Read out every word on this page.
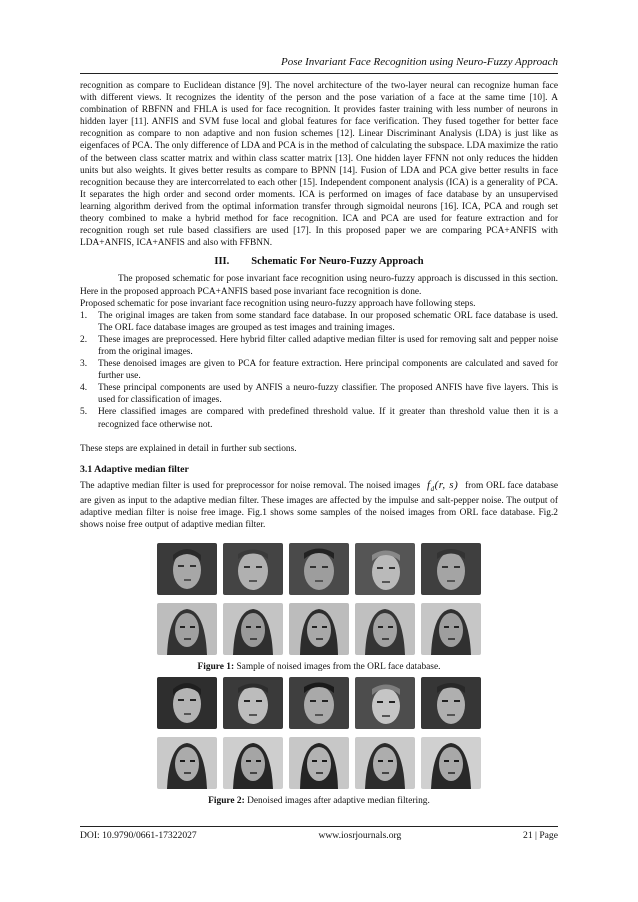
Pose Invariant Face Recognition using Neuro-Fuzzy Approach

recognition as compare to Euclidean distance [9]. The novel architecture of the two-layer neural can recognize human face with different views. It recognizes the identity of the person and the pose variation of a face at the same time [10]. A combination of RBFNN and FHLA is used for face recognition. It provides faster training with less number of neurons in hidden layer [11]. ANFIS and SVM fuse local and global features for face verification. They fused together for better face recognition as compare to non adaptive and non fusion schemes [12]. Linear Discriminant Analysis (LDA) is just like as eigenfaces of PCA. The only difference of LDA and PCA is in the method of calculating the subspace. LDA maximize the ratio of the between class scatter matrix and within class scatter matrix [13]. One hidden layer FFNN not only reduces the hidden units but also weights. It gives better results as compare to BPNN [14]. Fusion of LDA and PCA give better results in face recognition because they are intercorrelated to each other [15]. Independent component analysis (ICA) is a generality of PCA. It separates the high order and second order moments. ICA is performed on images of face database by an unsupervised learning algorithm derived from the optimal information transfer through sigmoidal neurons [16]. ICA, PCA and rough set theory combined to make a hybrid method for face recognition. ICA and PCA are used for feature extraction and for recognition rough set rule based classifiers are used [17]. In this proposed paper we are comparing PCA+ANFIS with LDA+ANFIS, ICA+ANFIS and also with FFBNN.

III. Schematic For Neuro-Fuzzy Approach

The proposed schematic for pose invariant face recognition using neuro-fuzzy approach is discussed in this section. Here in the proposed approach PCA+ANFIS based pose invariant face recognition is done.

Proposed schematic for pose invariant face recognition using neuro-fuzzy approach have following steps.

1.	The original images are taken from some standard face database. In our proposed schematic ORL face database is used. The ORL face database images are grouped as test images and training images.
2.	These images are preprocessed. Here hybrid filter called adaptive median filter is used for removing salt and pepper noise from the original images.
3.	These denoised images are given to PCA for feature extraction. Here principal components are calculated and saved for further use.
4.	These principal components are used by ANFIS a neuro-fuzzy classifier. The proposed ANFIS have five layers. This is used for classification of images.
5.	Here classified images are compared with predefined threshold value. If it greater than threshold value then it is a recognized face otherwise not.

These steps are explained in detail in further sub sections.

3.1 Adaptive median filter

The adaptive median filter is used for preprocessor for noise removal. The noised images $f_d(r$, s) from ORL face database are given as input to the adaptive median filter. These images are affected by the impulse and salt-pepper noise. The output of adaptive median filter is noise free image. Fig.1 shows some samples of the noised images from ORL face database. Fig.2 shows noise free output of adaptive median filter.

Figure 1: Sample of noised images from the ORL face database.
Figure 2: Denoised images after adaptive median filtering.
DOI: 10.9790/0661-17322027	www.iosrjournals.org	21 | Page
